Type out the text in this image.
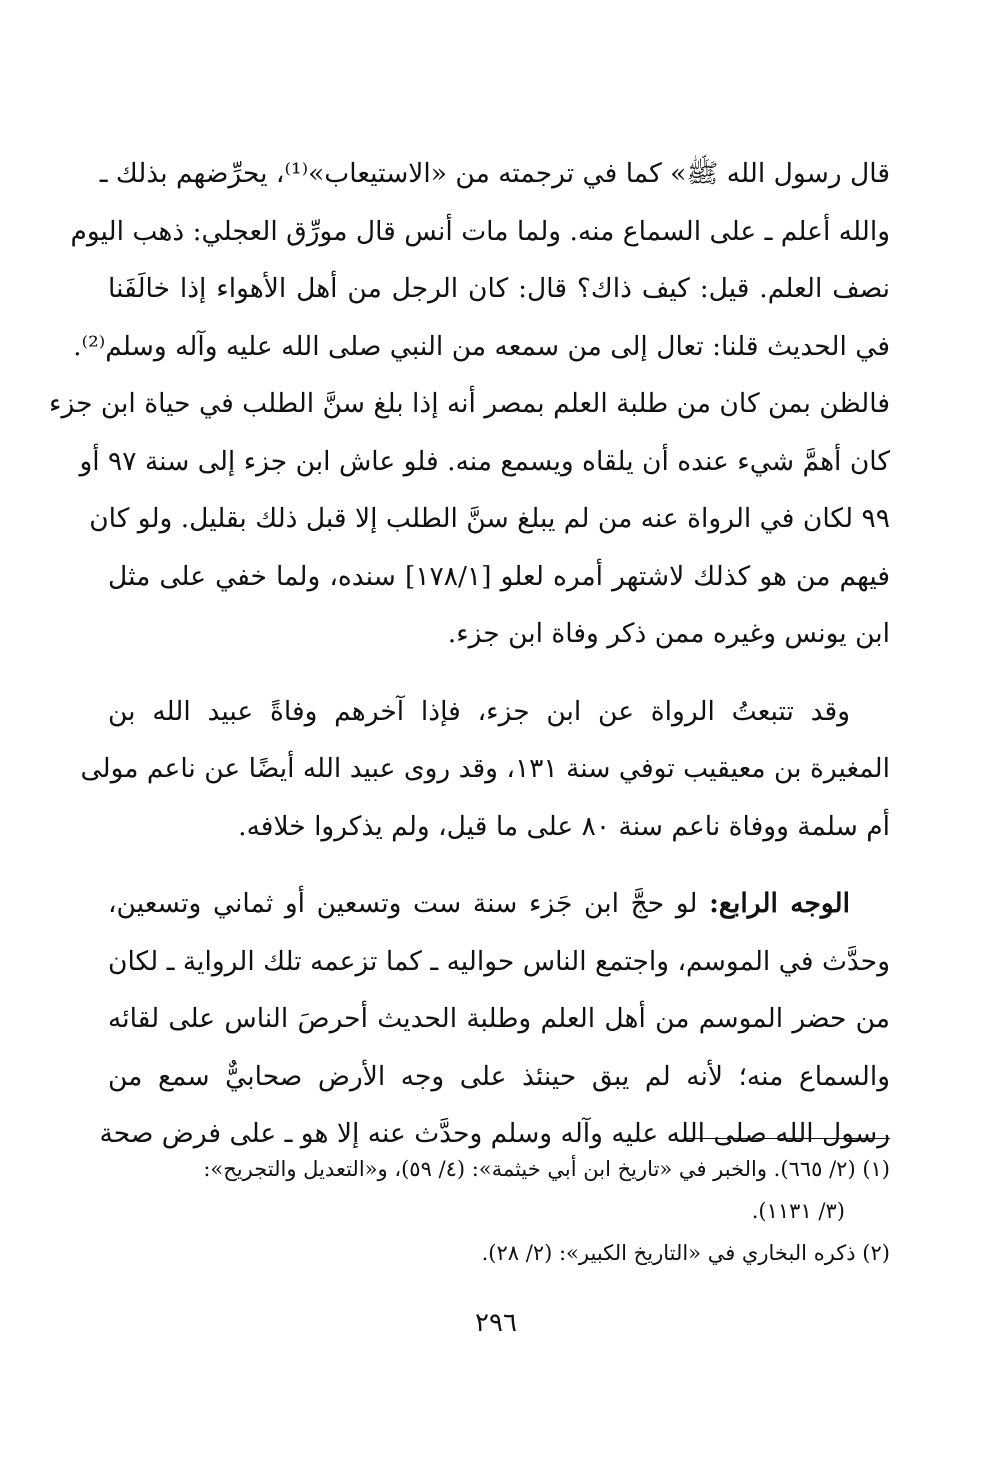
قال رسول الله ﷺ» كما في ترجمته من «الاستيعاب»⁽¹⁾، يحرِّضهم بذلك ـ
والله أعلم ـ على السماع منه. ولما مات أنس قال مورِّق العجلي: ذهب اليوم
نصف العلم. قيل: كيف ذاك؟ قال: كان الرجل من أهل الأهواء إذا خالَفَنا
في الحديث قلنا: تعال إلى من سمعه من النبي صلى الله عليه وآله وسلم⁽²⁾.
فالظن بمن كان من طلبة العلم بمصر أنه إذا بلغ سنَّ الطلب في حياة ابن جزء
كان أهمَّ شيء عنده أن يلقاه ويسمع منه. فلو عاش ابن جزء إلى سنة ٩٧ أو
٩٩ لكان في الرواة عنه من لم يبلغ سنَّ الطلب إلا قبل ذلك بقليل. ولو كان
فيهم من هو كذلك لاشتهر أمره لعلو [١٧٨/١] سنده، ولما خفي على مثل
ابن يونس وغيره ممن ذكر وفاة ابن جزء.
وقد تتبعتُ الرواة عن ابن جزء، فإذا آخرهم وفاةً عبيد الله بن
المغيرة بن معيقيب توفي سنة ١٣١، وقد روى عبيد الله أيضًا عن ناعم مولى
أم سلمة ووفاة ناعم سنة ٨٠ على ما قيل، ولم يذكروا خلافه.
الوجه الرابع: لو حجَّ ابن جَزء سنة ست وتسعين أو ثماني وتسعين،
وحدَّث في الموسم، واجتمع الناس حواليه ـ كما تزعمه تلك الرواية ـ لكان
من حضر الموسم من أهل العلم وطلبة الحديث أحرصَ الناس على لقائه
والسماع منه؛ لأنه لم يبق حينئذ على وجه الأرض صحابيٌّ سمع من
رسول الله صلى الله عليه وآله وسلم وحدَّث عنه إلا هو ـ على فرض صحة
(١) (٢/ ٦٦٥). والخبر في «تاريخ ابن أبي خيثمة»: (٤/ ٥٩)، و«التعديل والتجريح»:
(٣/ ١١٣١).
(٢) ذكره البخاري في «التاريخ الكبير»: (٢/ ٢٨).
٢٩٦
